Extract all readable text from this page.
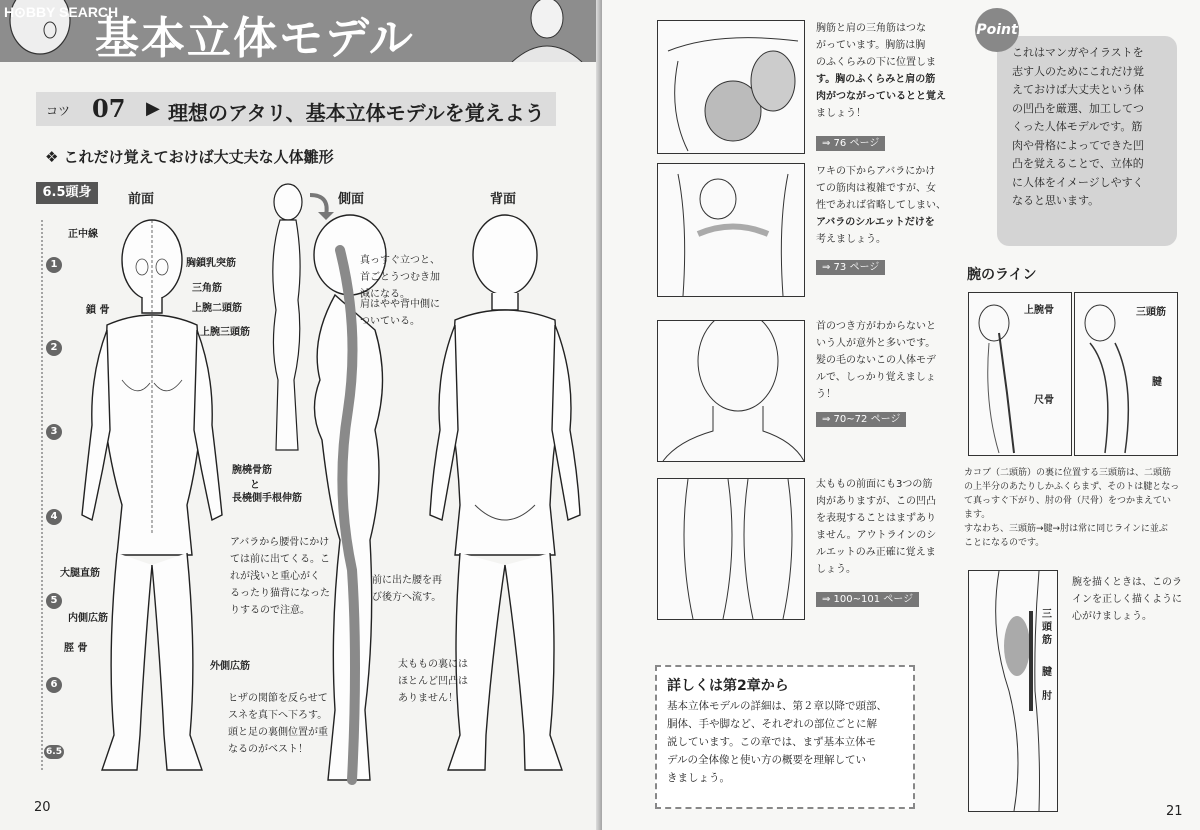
H⊙BBY SEARCH
基本立体モデル
コツ 07 ▶ 理想のアタリ、基本立体モデルを覚えよう
❖ これだけ覚えておけば大丈夫な人体雛形
6.5頭身	前面	側面	背面
1
2
3
4
5
6
6.5
正中線
鎖 骨
胸鎖乳突筋
三角筋
上腕二頭筋
上腕三頭筋
腕橈骨筋
と
長橈側手根伸筋
大腿直筋
内側広筋
脛 骨
外側広筋
真っすぐ立つと、
首ごとうつむき加
減になる。
肩はやや背中側に
ついている。
アバラから腰骨にかけ
ては前に出てくる。こ
れが浅いと重心がく
るったり猫背になった
りするので注意。
前に出た腰を再
び後方へ流す。
ヒザの関節を反らせて
スネを真下へ下ろす。
頭と足の裏側位置が重
なるのがベスト！
太ももの裏には
ほとんど凹凸は
ありません！
20
胸筋と肩の三角筋はつな
がっています。胸筋は胸
のふくらみの下に位置しま
す。胸のふくらみと肩の筋
肉がつながっているとと覚え
ましょう！
⇒ 76 ページ
ワキの下からアバラにかけ
ての筋肉は複雑ですが、女
性であれば省略してしまい、
アバラのシルエットだけを
考えましょう。
⇒ 73 ページ
首のつき方がわからないと
いう人が意外と多いです。
髪の毛のないこの人体モデ
ルで、しっかり覚えましょ
う！
⇒ 70~72 ページ
太ももの前面にも3つの筋
肉がありますが、この凹凸
を表現することはまずあり
ません。アウトラインのシ
ルエットのみ正確に覚えま
しょう。
⇒ 100~101 ページ
Point
これはマンガやイラストを
志す人のためにこれだけ覚
えておけば大丈夫という体
の凹凸を厳選、加工してつ
くった人体モデルです。筋
肉や骨格によってできた凹
凸を覚えることで、立体的
に人体をイメージしやすく
なると思います。
腕のライン
上腕骨
尺骨
三頭筋
腱
カコブ（二頭筋）の裏に位置する三頭筋は、二頭筋
の上半分のあたりしかふくらまず、そのトは腱となっ
て真っすぐ下がり、肘の骨（尺骨）をつかまえてい
ます。
すなわち、三頭筋→腱→肘は常に同じラインに並ぶ
ことになるのです。
三頭筋
腱
肘
腕を描くときは、このラ
インを正しく描くように
心がけましょう。
詳しくは第2章から
基本立体モデルの詳細は、第２章以降で頭部、
胴体、手や脚など、それぞれの部位ごとに解
説しています。この章では、まず基本立体モ
デルの全体像と使い方の概要を理解してい
きましょう。
21
